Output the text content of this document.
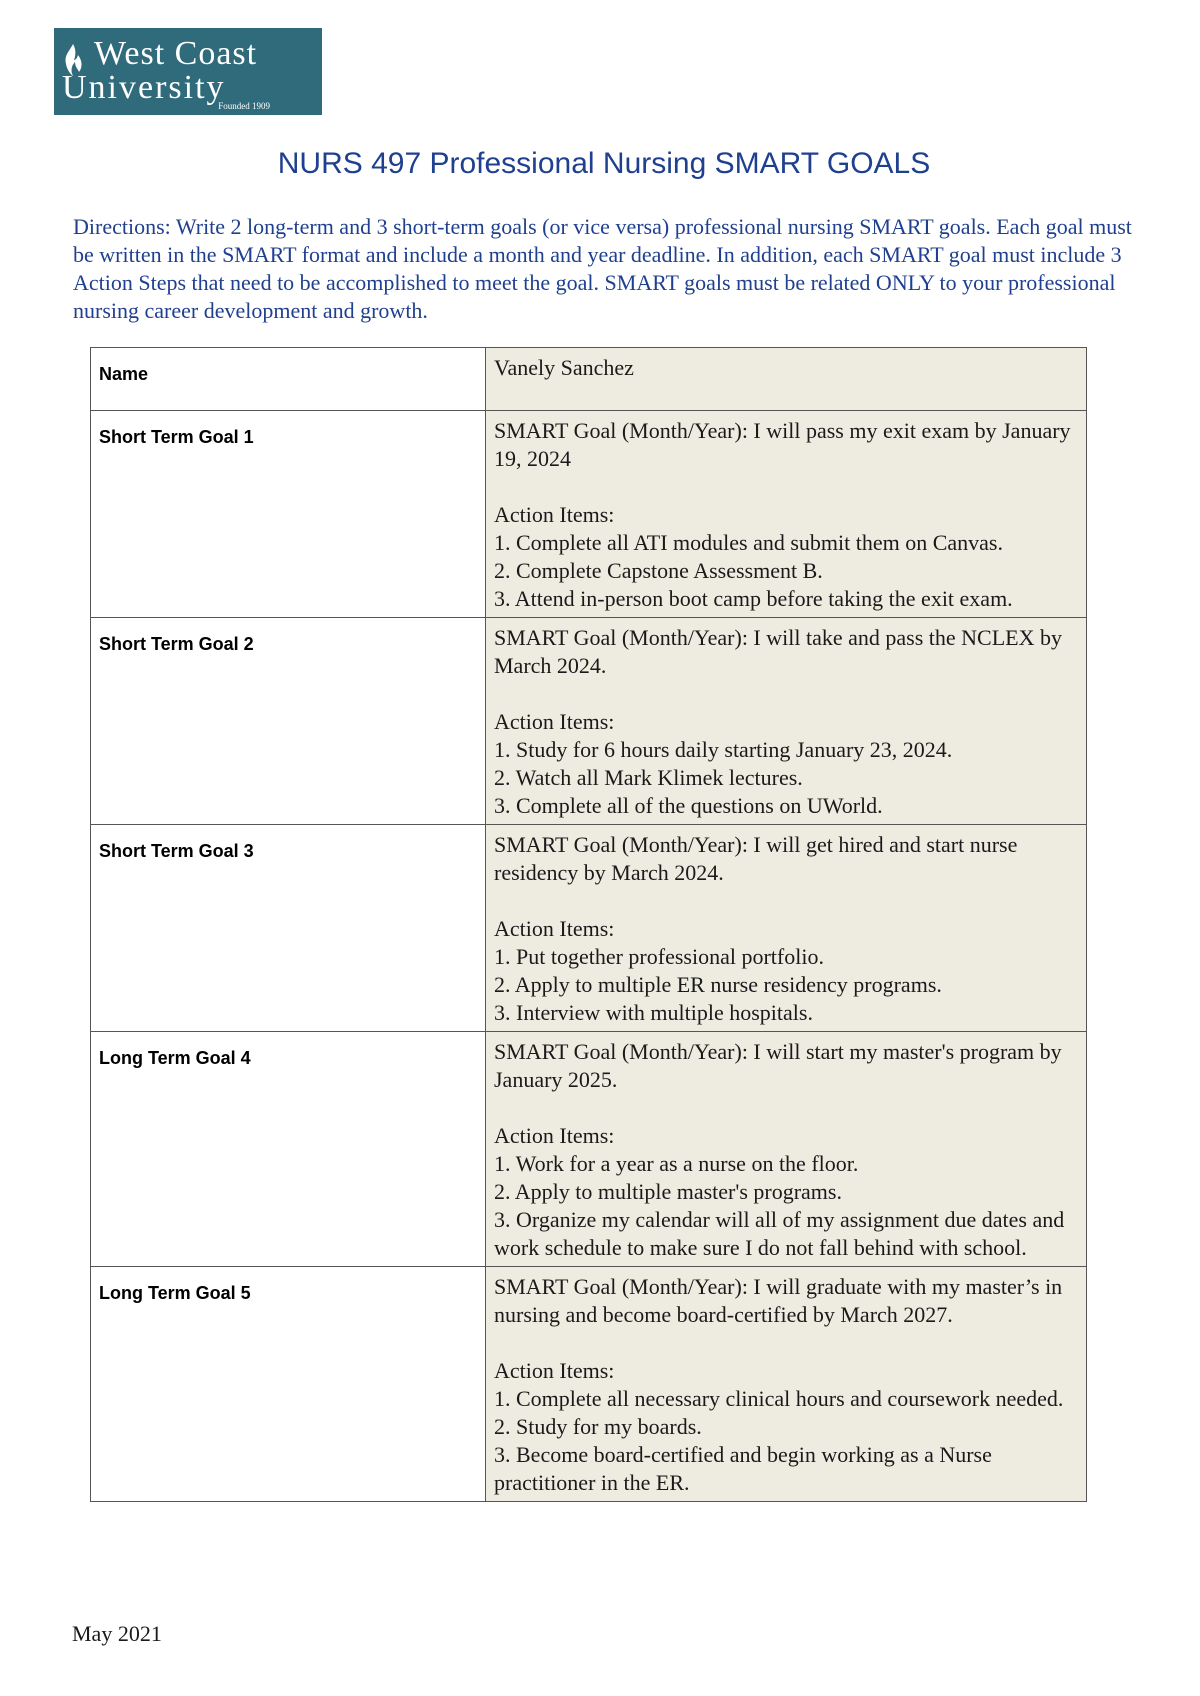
West Coast
University
Founded 1909
NURS 497 Professional Nursing SMART GOALS
Directions: Write 2 long-term and 3 short-term goals (or vice versa) professional nursing SMART goals. Each goal must be written in the SMART format and include a month and year deadline. In addition, each SMART goal must include 3 Action Steps that need to be accomplished to meet the goal. SMART goals must be related ONLY to your professional nursing career development and growth.
Name	Vanely Sanchez
Short Term Goal 1	SMART Goal (Month/Year): I will pass my exit exam by January 19, 2024
Action Items:
1. Complete all ATI modules and submit them on Canvas.
2. Complete Capstone Assessment B.
3. Attend in-person boot camp before taking the exit exam.

Short Term Goal 2	SMART Goal (Month/Year): I will take and pass the NCLEX by March 2024.
Action Items:
1. Study for 6 hours daily starting January 23, 2024.
2. Watch all Mark Klimek lectures.
3. Complete all of the questions on UWorld.

Short Term Goal 3	SMART Goal (Month/Year): I will get hired and start nurse residency by March 2024.
Action Items:
1. Put together professional portfolio.
2. Apply to multiple ER nurse residency programs.
3. Interview with multiple hospitals.

Long Term Goal 4	SMART Goal (Month/Year): I will start my master's program by January 2025.
Action Items:
1. Work for a year as a nurse on the floor.
2. Apply to multiple master's programs.
3. Organize my calendar will all of my assignment due dates and work schedule to make sure I do not fall behind with school.

Long Term Goal 5	SMART Goal (Month/Year): I will graduate with my master’s in nursing and become board-certified by March 2027.
Action Items:
1. Complete all necessary clinical hours and coursework needed.
2. Study for my boards.
3. Become board-certified and begin working as a Nurse practitioner in the ER.
May 2021
